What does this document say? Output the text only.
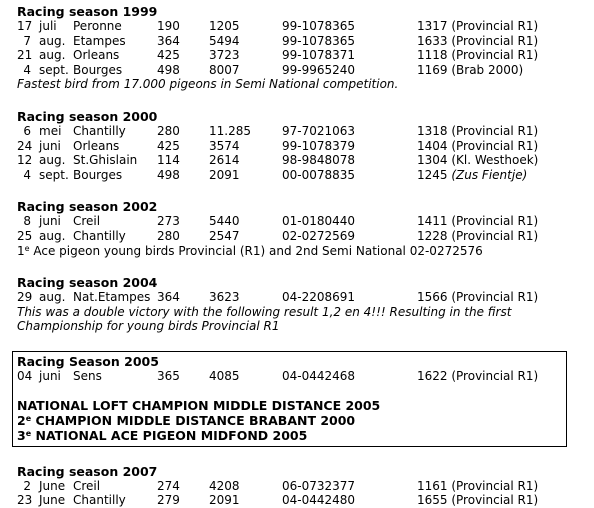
Racing season 1999
17 juli Peronne	190 1205	99-1078365	1317 (Provincial R1)
7 aug. Etampes	364 5494	99-1078365	1633 (Provincial R1)
21 aug. Orleans	425 3723	99-1078371	1118 (Provincial R1)
4 sept. Bourges	498 8007	99-9965240	1169 (Brab 2000)
Fastest bird from 17.000 pigeons in Semi National competition.
Racing season 2000
6 mei Chantilly	280 11.285	97-7021063	1318 (Provincial R1)
24 juni Orleans	425 3574	99-1078379	1404 (Provincial R1)
12 aug. St.Ghislain 114 2614	98-9848078	1304 (Kl. Westhoek)
4 sept. Bourges	498 2091	00-0078835	1245 (Zus Fientje)
Racing season 2002
8 juni Creil	273 5440	01-0180440	1411 (Provincial R1)
25 aug. Chantilly	280 2547	02-0272569	1228 (Provincial R1)
1e Ace pigeon young birds Provincial (R1) and 2nd Semi National 02-0272576
Racing season 2004
29 aug. Nat.Etampes 364 3623	04-2208691	1566 (Provincial R1)
This was a double victory with the following result 1,2 en 4!!! Resulting in the first Championship for young birds Provincial R1
Racing Season 2005
04 juni Sens	365 4085	04-0442468	1622 (Provincial R1)
NATIONAL LOFT CHAMPION MIDDLE DISTANCE 2005
2e CHAMPION MIDDLE DISTANCE BRABANT 2000
3e NATIONAL ACE PIGEON MIDFOND 2005
Racing season 2007
2 June Creil	274 4208	06-0732377	1161 (Provincial R1)
23 June Chantilly	279 2091	04-0442480	1655 (Provincial R1)
